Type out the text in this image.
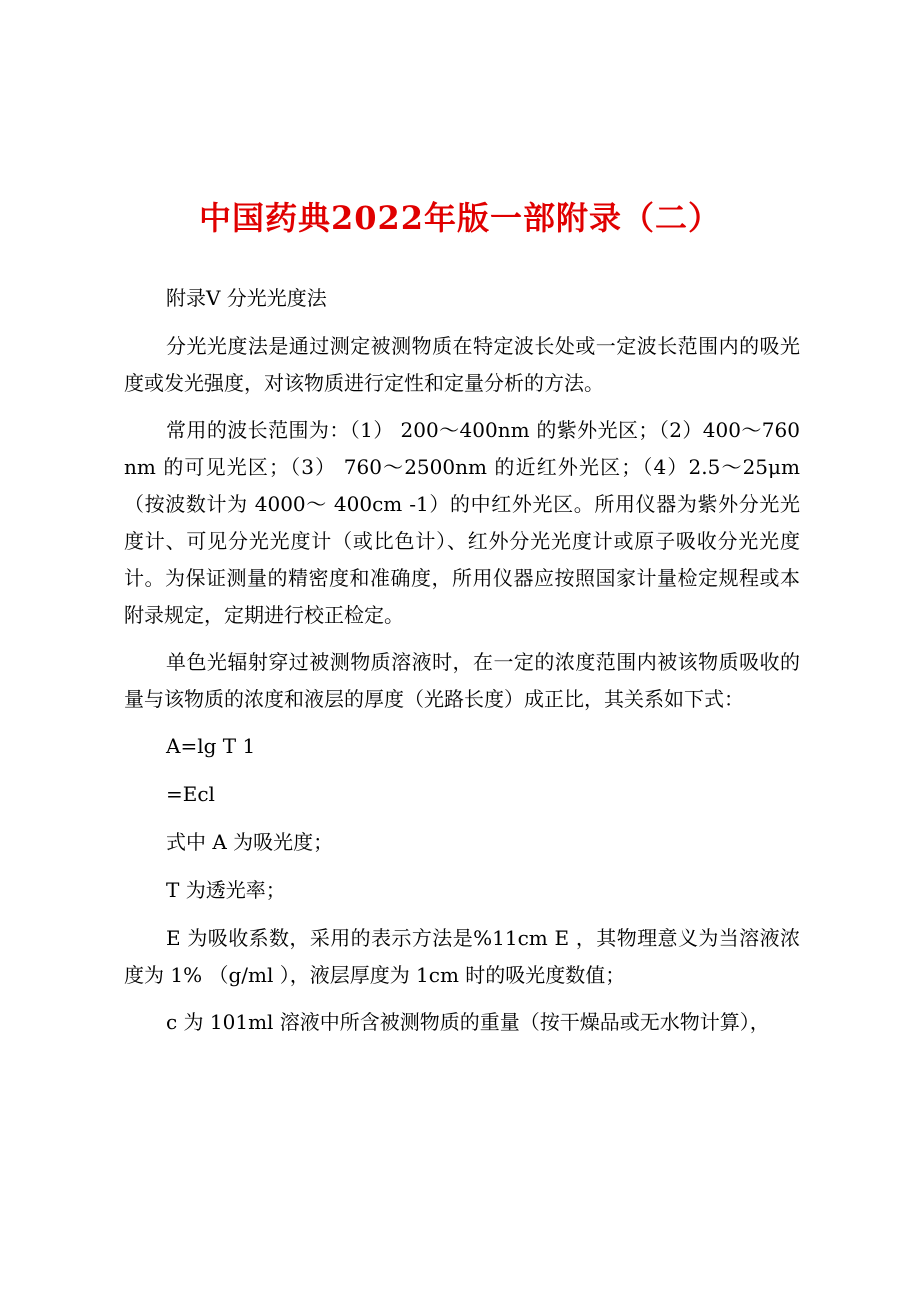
中国药典2022年版一部附录（二）

附录Ⅴ 分光光度法

分光光度法是通过测定被测物质在特定波长处或一定波长范围内的吸光度或发光强度，对该物质进行定性和定量分析的方法。

常用的波长范围为：（1） 200～400nm 的紫外光区；（2）400～760nm 的可见光区；（3） 760～2500nm 的近红外光区；（4）2.5～25μm （按波数计为 4000～ 400cm -1）的中红外光区。所用仪器为紫外分光光度计、可见分光光度计（或比色计）、红外分光光度计或原子吸收分光光度计。为保证测量的精密度和准确度，所用仪器应按照国家计量检定规程或本附录规定，定期进行校正检定。

单色光辐射穿过被测物质溶液时，在一定的浓度范围内被该物质吸收的量与该物质的浓度和液层的厚度（光路长度）成正比，其关系如下式：

A=lg T 1

=Ecl

式中 A 为吸光度；

T 为透光率；

E 为吸收系数，采用的表示方法是%11cm E ，其物理意义为当溶液浓度为 1% （g/ml ），液层厚度为 1cm 时的吸光度数值；

c 为 101ml 溶液中所含被测物质的重量（按干燥品或无水物计算），
